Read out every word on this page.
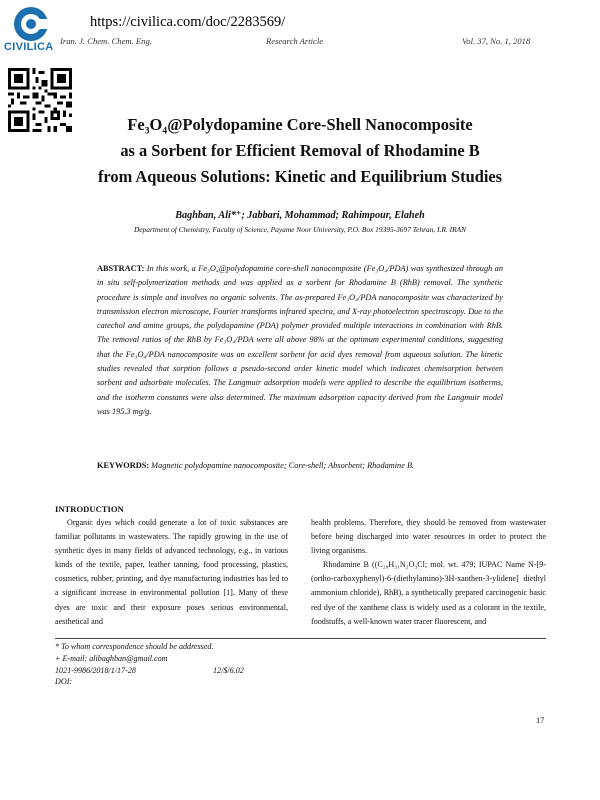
CIVILICA
https://civilica.com/doc/2283569/
Iran. J. Chem. Chem. Eng.	Research Article	Vol. 37, No. 1, 2018
Fe₃O₄@Polydopamine Core-Shell Nanocomposite
as a Sorbent for Efficient Removal of Rhodamine B
from Aqueous Solutions: Kinetic and Equilibrium Studies
Baghban, Ali*⁺; Jabbari, Mohammad; Rahimpour, Elaheh
Department of Chemistry, Faculty of Science, Payame Noor University, P.O. Box 19395-3697 Tehran, I.R. IRAN
ABSTRACT: In this work, a Fe₃O₄@polydopamine core-shell nanocomposite (Fe₃O₄/PDA) was synthesized through an in situ self-polymerization methods and was applied as a sorbent for Rhodamine B (RhB) removal. The synthetic procedure is simple and involves no organic solvents. The as-prepared Fe₃O₄/PDA nanocomposite was characterized by transmission electron microscope, Fourier transforms infrared spectra, and X-ray photoelectron spectroscopy. Due to the catechol and amine groups, the polydopamine (PDA) polymer provided multiple interactions in combination with RhB. The removal ratios of the RhB by Fe₃O₄/PDA were all above 98% at the optimum experimental conditions, suggesting that the Fe₃O₄/PDA nanocomposite was an excellent sorbent for acid dyes removal from aqueous solution. The kinetic studies revealed that sorption follows a pseudo-second order kinetic model which indicates chemisorption between sorbent and adsorbate molecules. The Langmuir adsorption models were applied to describe the equilibrium isotherms, and the isotherm constants were also determined. The maximum adsorption capacity derived from the Langmuir model was 195.3 mg/g.
KEYWORDS: Magnetic polydopamine nanocomposite; Core-shell; Absorbent; Rhodamine B.
INTRODUCTION

Organic dyes which could generate a lot of toxic substances are familiar pollutants in wastewaters. The rapidly growing in the use of synthetic dyes in many fields of advanced technology, e.g., in various kinds of the textile, paper, leather tanning, food processing, plastics, cosmetics, rubber, printing, and dye manufacturing industries has led to a significant increase in environmental pollution [1]. Many of these dyes are toxic and their exposure poses serious environmental, aesthetical and

health problems. Therefore, they should be removed from wastewater before being discharged into water resources in order to protect the living organisms.

Rhodamine B ((C₂₈H₃₁N₂O₃Cl; mol. wt. 479; IUPAC Name N-[9-(ortho-carboxyphenyl)-6-(diethylamino)-3H-xanthen-3-ylidene] diethyl ammonium chloride), RhB), a synthetically prepared carcinogenic basic red dye of the xanthene class is widely used as a colorant in the textile, foodstuffs, a well-known water tracer fluorescent, and

* To whom correspondence should be addressed.
+ E-mail: alibaghban@gmail.com
1021-9986/2018/1/17-28	12/$/6.02
DOI:
17
